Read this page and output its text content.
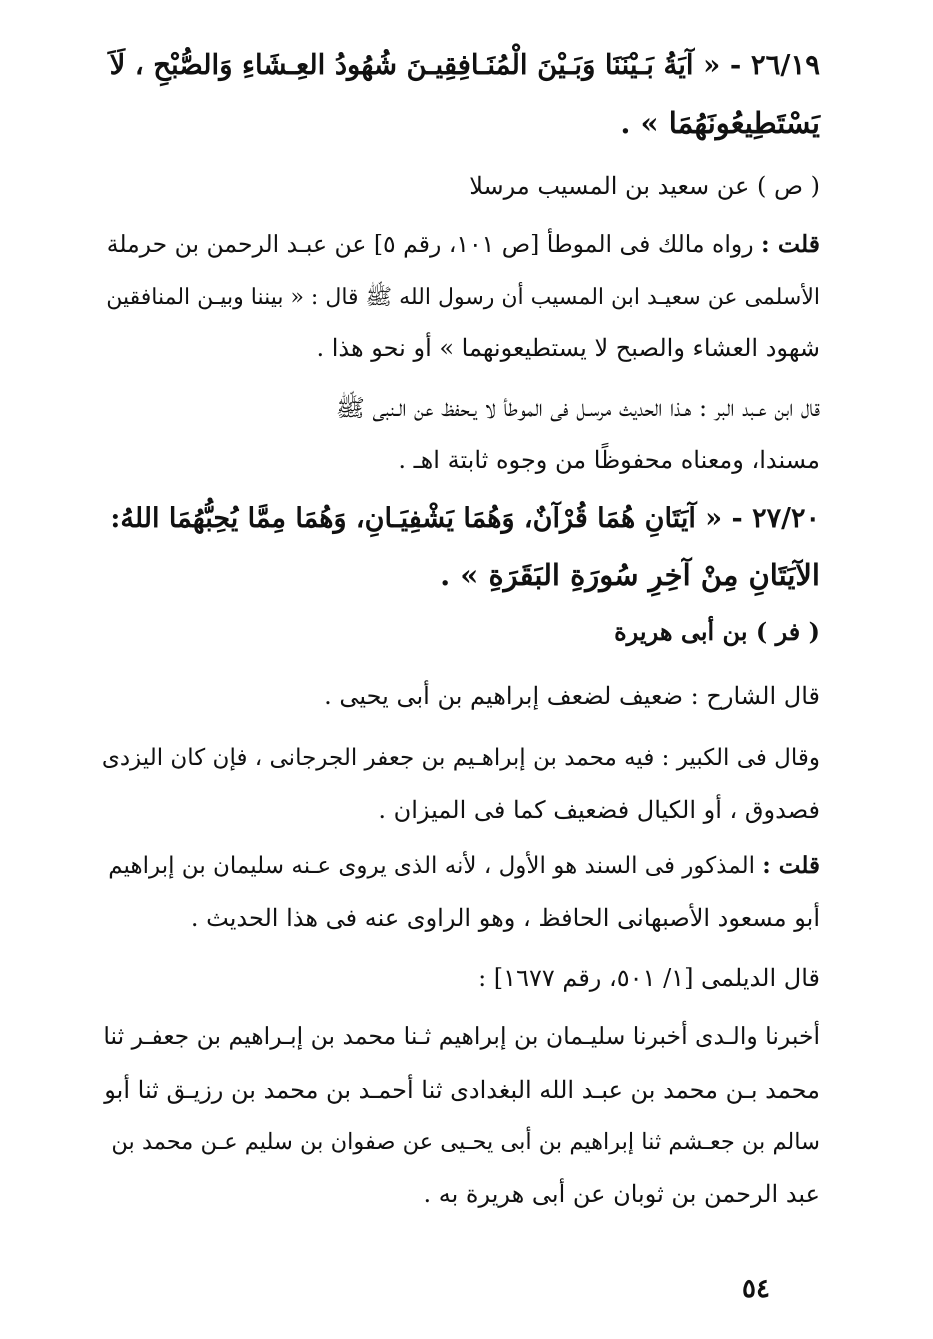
٢٦/١٩ - « آيَةُ بَـيْنَنَا وَبَـيْنَ الْمُنَـافِقِيـنَ شُهُودُ العِـشَاءِ وَالصُّبْحِ ، لَاَ
يَسْتَطِيعُونَهُمَا » .
( ص ) عن سعيد بن المسيب مرسلا
قلت : رواه مالك فى الموطأ [ص ١٠١، رقم ٥] عن عبـد الرحمن بن حرملة
الأسلمى عن سعيـد ابن المسيب أن رسول الله ﷺ قال : « بيننا وبيـن المنافقين
شهود العشاء والصبح لا يستطيعونهما » أو نحو هذا .
قال ابن عـبد البر : هـذا الحديث مرسـل فى الموطأ لا يـحفظ عن الـنبى ﷺ
مسندا، ومعناه محفوظًا من وجوه ثابتة اهـ .
٢٧/٢٠ - « آيَتَانِ هُمَا قُرْآنٌ، وَهُمَا يَشْفِيَـانِ، وَهُمَا مِمَّا يُحِبُّهُمَا اللهُ:
الآيَتَانِ مِنْ آخِرِ سُورَةِ البَقَرَةِ » .
( فر ) بن أبى هريرة
قال الشارح : ضعيف لضعف إبراهيم بن أبى يحيى .
وقال فى الكبير : فيه محمد بن إبراهـيم بن جعفر الجرجانى ، فإن كان اليزدى
فصدوق ، أو الكيال فضعيف كما فى الميزان .
قلت : المذكور فى السند هو الأول ، لأنه الذى يروى عـنه سليمان بن إبراهيم
أبو مسعود الأصبهانى الحافظ ، وهو الراوى عنه فى هذا الحديث .
قال الديلمى [١/ ٥٠١، رقم ١٦٧٧] :
أخبرنا والـدى أخبرنا سليـمان بن إبراهيم ثـنا محمد بن إبـراهيم بن جعفـر ثنا
محمد بـن محمد بن عبـد الله البغدادى ثنا أحمـد بن محمد بن رزيـق ثنا أبو
سالم بن جعـشم ثنا إبراهيم بن أبى يحـيى عن صفوان بن سليم عـن محمد بن
عبد الرحمن بن ثوبان عن أبى هريرة به .
٥٤
